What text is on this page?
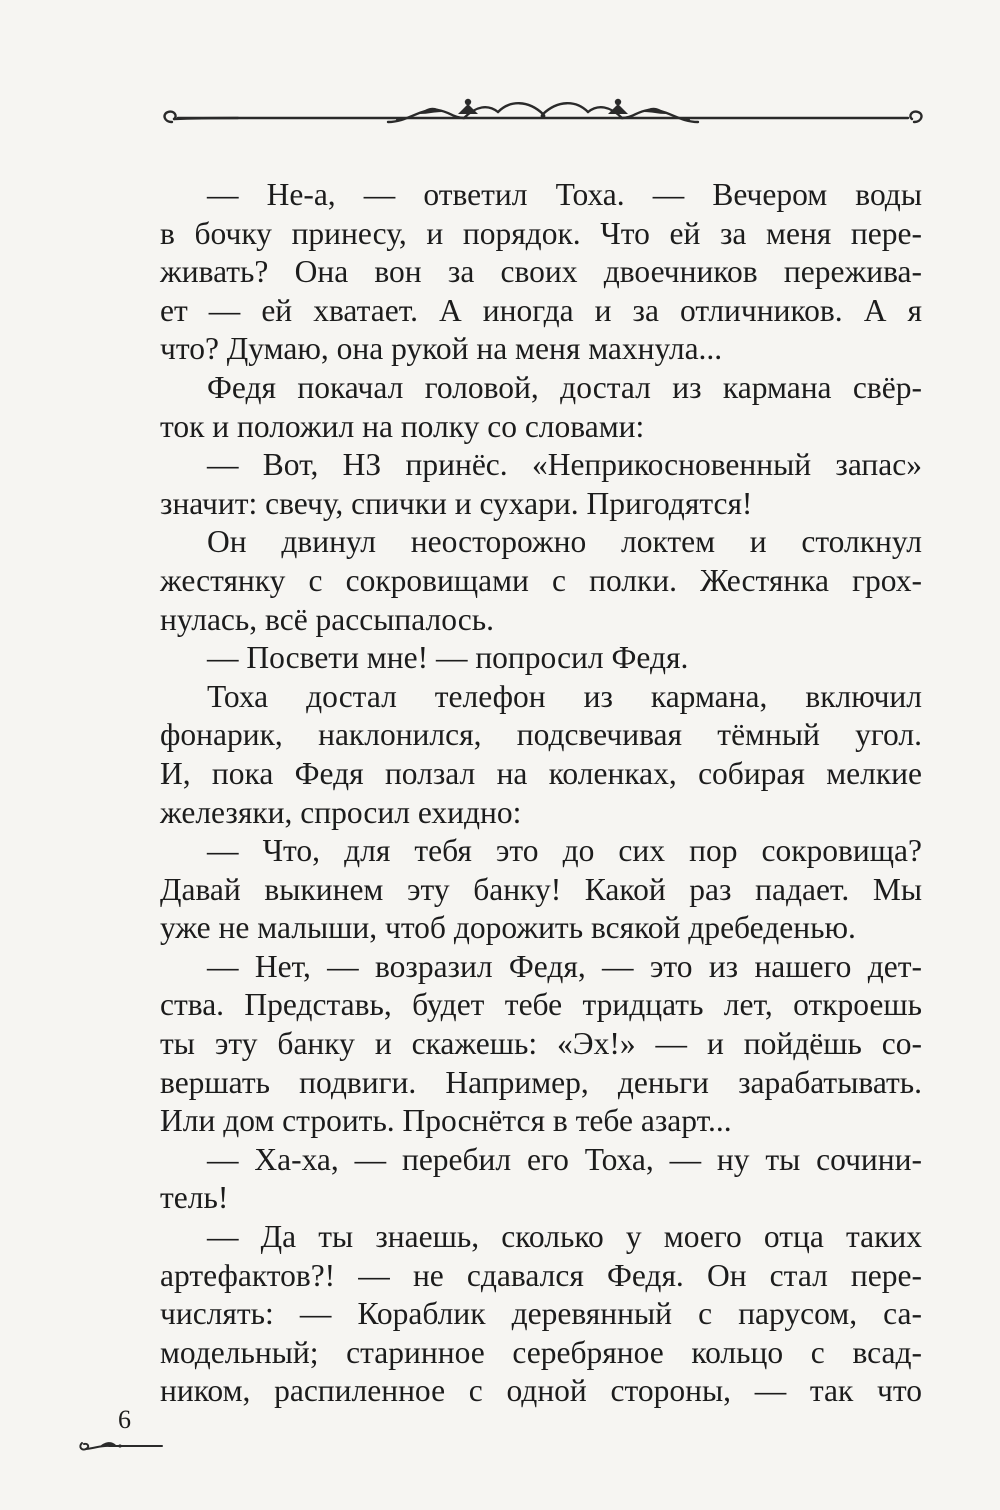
— Не-а, — ответил Тоха. — Вечером воды
в бочку принесу, и порядок. Что ей за меня пере-
живать? Она вон за своих двоечников пережива-
ет — ей хватает. А иногда и за отличников. А я

что? Думаю, она рукой на меня махнула...

Федя покачал головой, достал из кармана свёр-

ток и положил на полку со словами:

— Вот, НЗ принёс. «Неприкосновенный запас»

значит: свечу, спички и сухари. Пригодятся!

Он двинул неосторожно локтем и столкнул
жестянку с сокровищами с полки. Жестянка грох-

нулась, всё рассыпалось.

— Посвети мне! — попросил Федя.

Тоха достал телефон из кармана, включил
фонарик, наклонился, подсвечивая тёмный угол.
И, пока Федя ползал на коленках, собирая мелкие

железяки, спросил ехидно:

— Что, для тебя это до сих пор сокровища?
Давай выкинем эту банку! Какой раз падает. Мы

уже не малыши, чтоб дорожить всякой дребеденью.

— Нет, — возразил Федя, — это из нашего дет-
ства. Представь, будет тебе тридцать лет, откроешь
ты эту банку и скажешь: «Эх!» — и пойдёшь со-
вершать подвиги. Например, деньги зарабатывать.

Или дом строить. Проснётся в тебе азарт...

— Ха-ха, — перебил его Тоха, — ну ты сочини-

тель!

— Да ты знаешь, сколько у моего отца таких
артефактов?! — не сдавался Федя. Он стал пере-
числять: — Кораблик деревянный с парусом, са-
модельный; старинное серебряное кольцо с всад-
ником, распиленное с одной стороны, — так что

6
